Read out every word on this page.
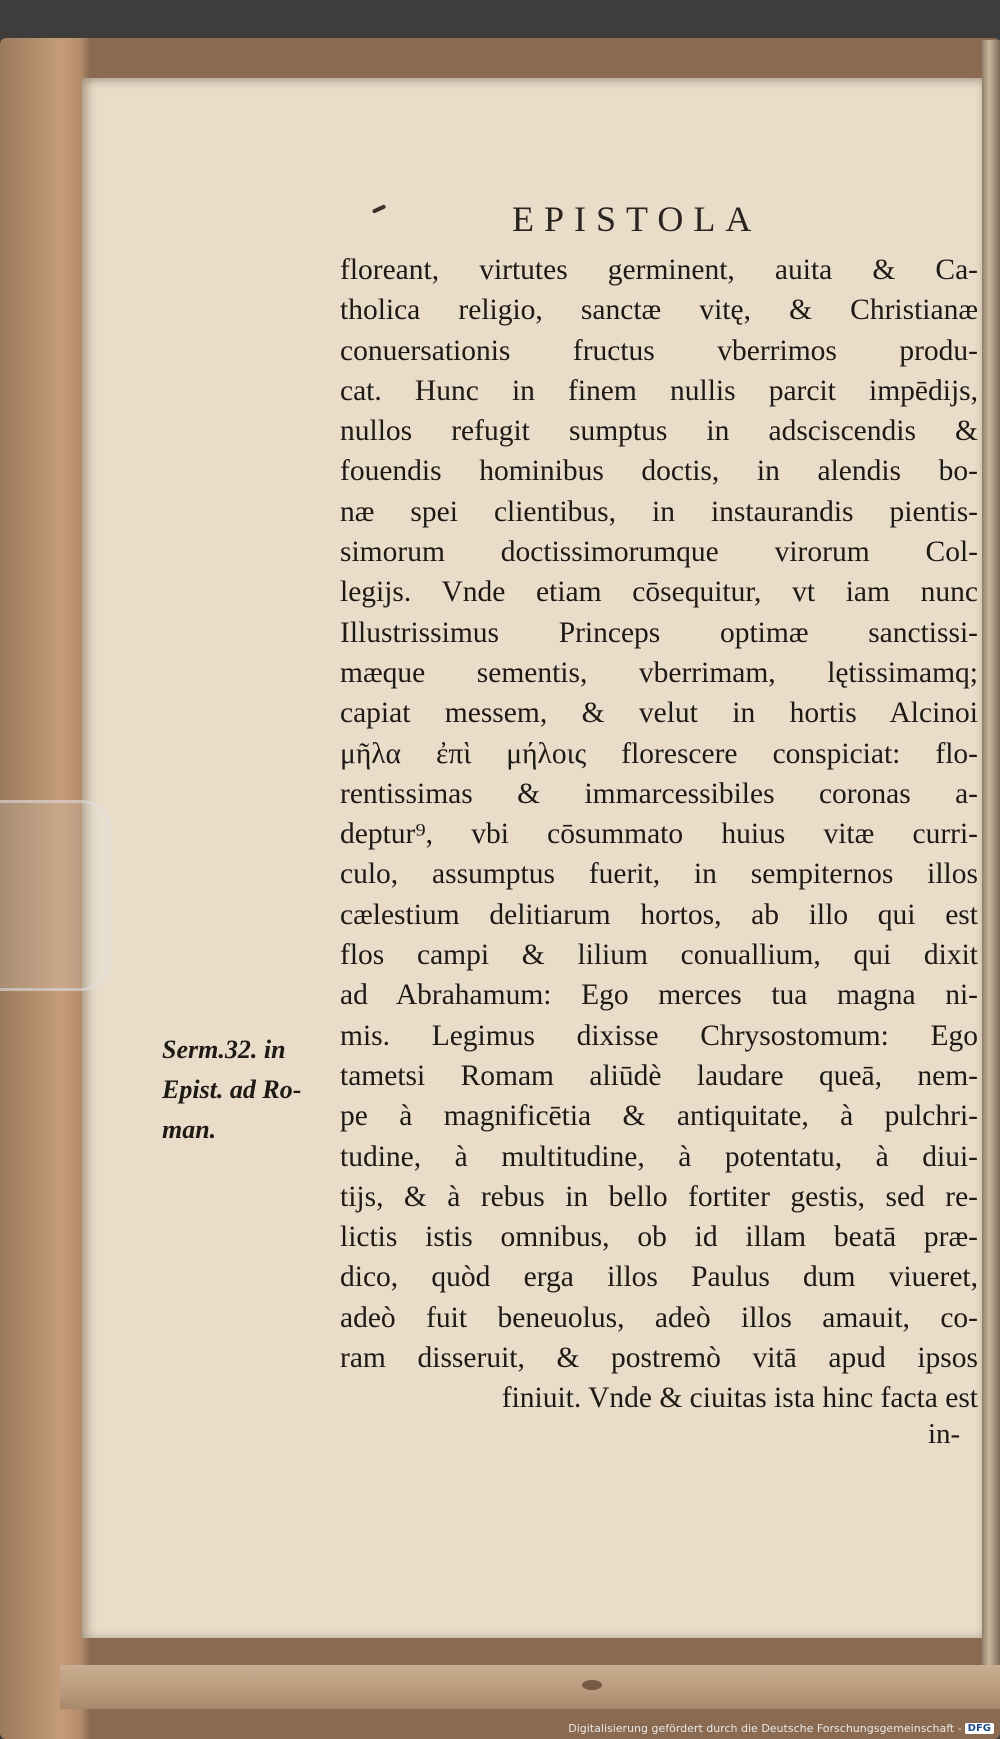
EPISTOLA
floreant, virtutes germinent, auita & Ca-
tholica religio, sanctæ vitę, & Christianæ
conuersationis fructus vberrimos produ-
cat. Hunc in finem nullis parcit impēdijs,
nullos refugit sumptus in adsciscendis &
fouendis hominibus doctis, in alendis bo-
næ spei clientibus, in instaurandis pientis-
simorum doctissimorumque virorum Col-
legijs. Vnde etiam cōsequitur, vt iam nunc
Illustrissimus Princeps optimæ sanctissi-
mæque sementis, vberrimam, lętissimamq;
capiat messem, & velut in hortis Alcinoi
μῆλα ἐπὶ μήλοις florescere conspiciat: flo-
rentissimas & immarcessibiles coronas a-
deptur⁹, vbi cōsummato huius vitæ curri-
culo, assumptus fuerit, in sempiternos illos
cælestium delitiarum hortos, ab illo qui est
flos campi & lilium conuallium, qui dixit
ad Abrahamum: Ego merces tua magna ni-
mis. Legimus dixisse Chrysostomum: Ego
tametsi Romam aliūdè laudare queā, nem-
pe à magnificētia & antiquitate, à pulchri-
tudine, à multitudine, à potentatu, à diui-
tijs, & à rebus in bello fortiter gestis, sed re-
lictis istis omnibus, ob id illam beatā præ-
dico, quòd erga illos Paulus dum viueret,
adeò fuit beneuolus, adeò illos amauit, co-
ram disseruit, & postremò vitā apud ipsos
finiuit. Vnde & ciuitas ista hinc facta est
in-
Serm.32. in
Epist. ad Ro-
man.
Digitalisierung gefördert durch die Deutsche Forschungsgemeinschaft - DFG
